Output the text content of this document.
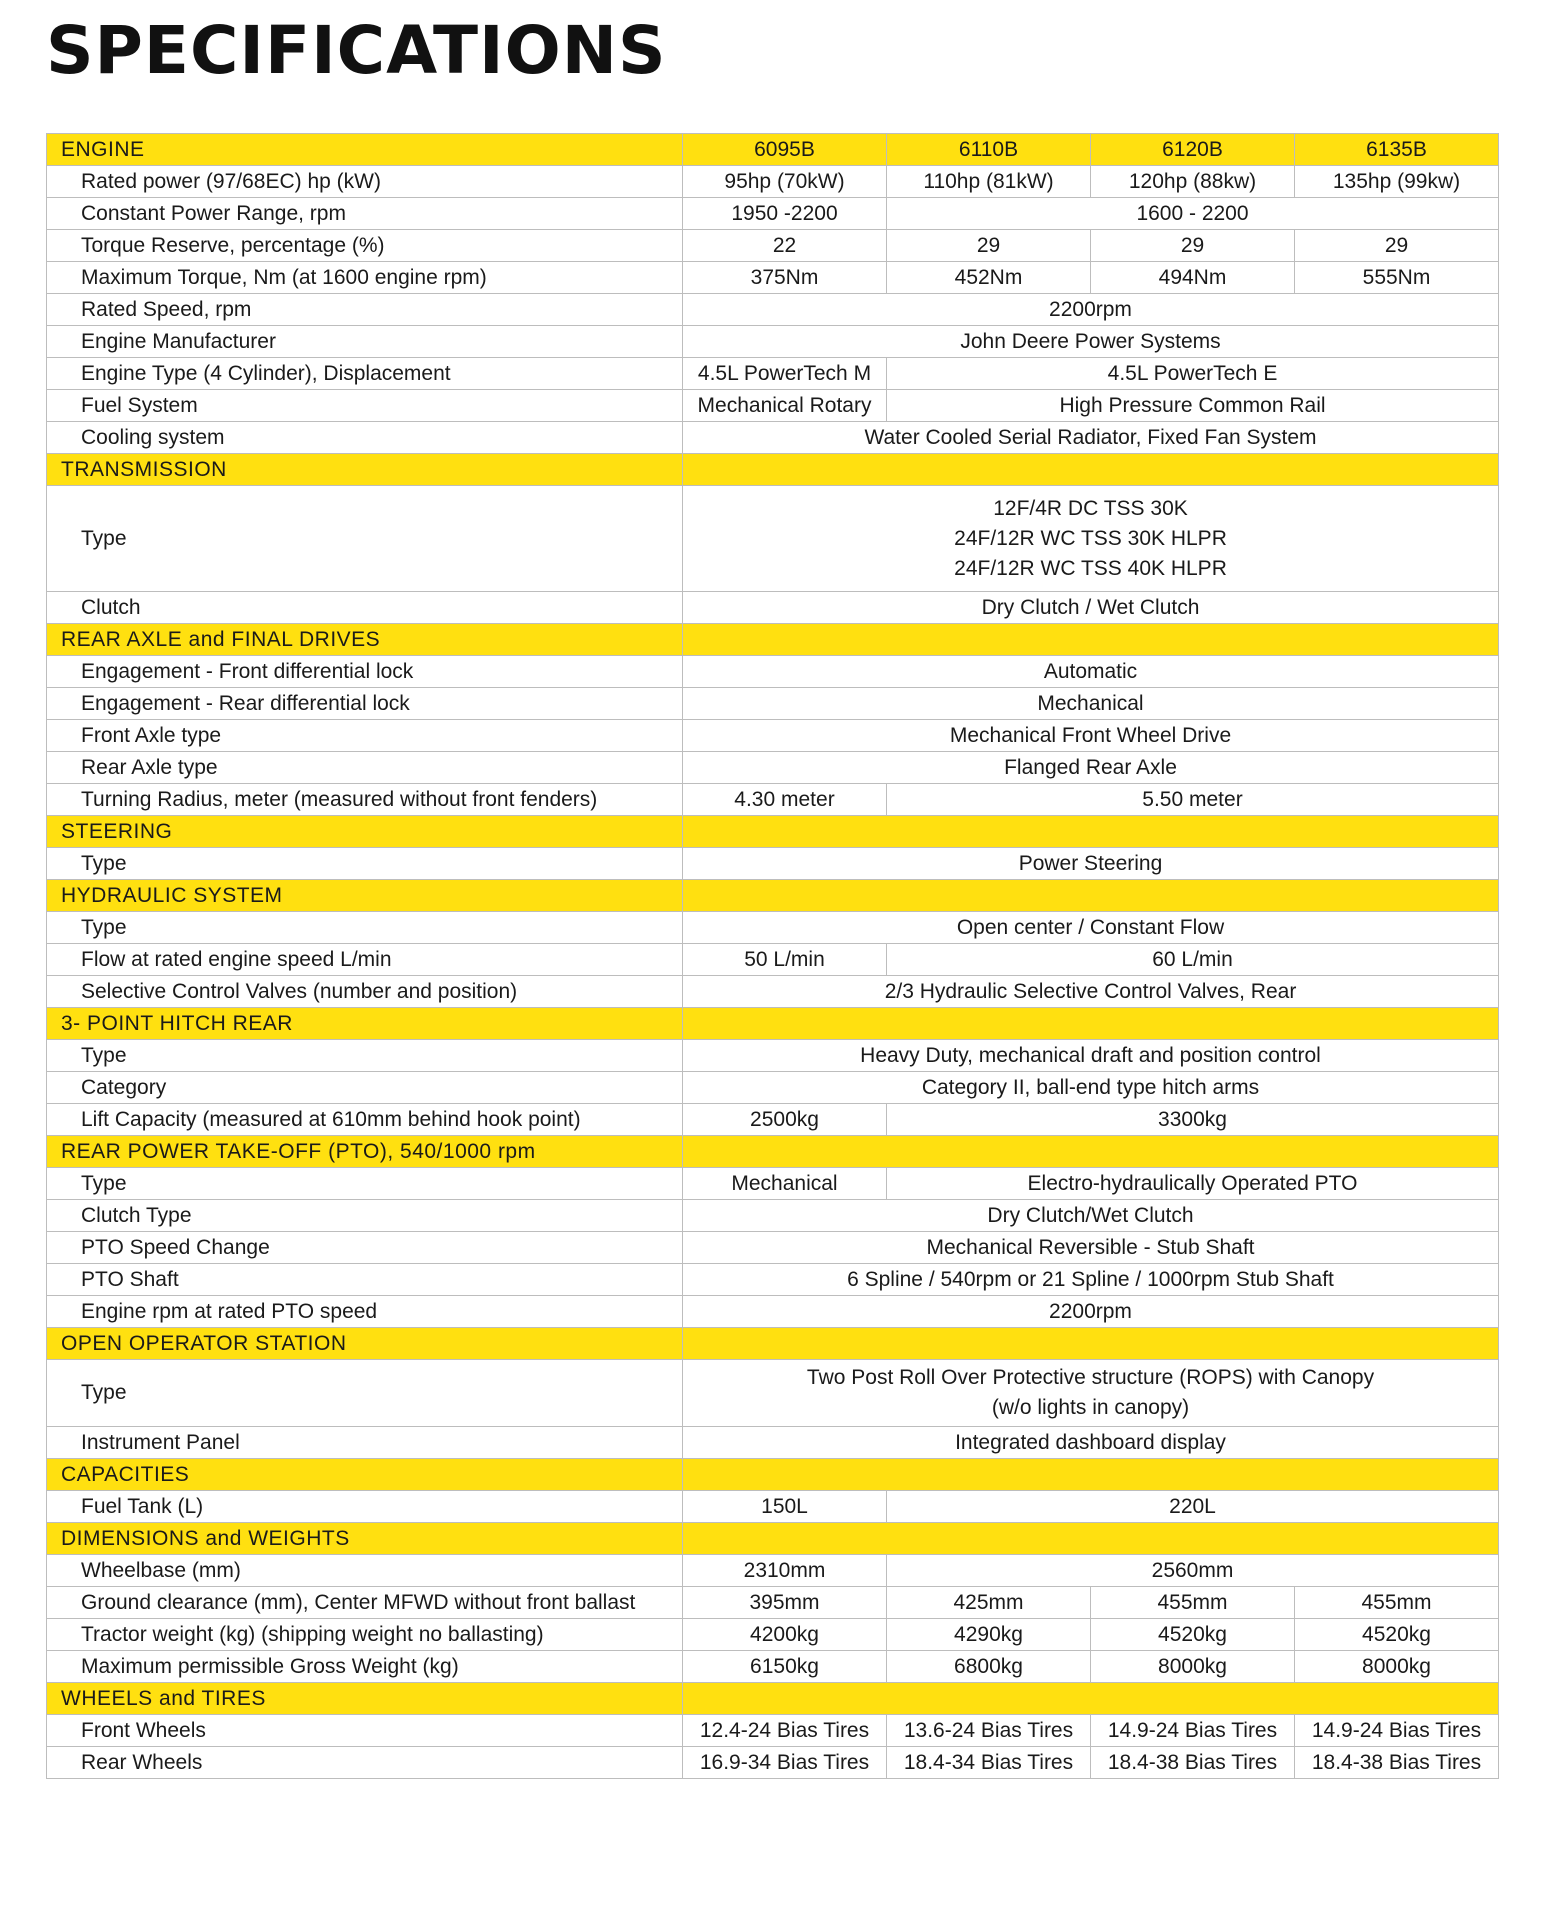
SPECIFICATIONS
ENGINE	6095B	6110B	6120B	6135B
Rated power (97/68EC) hp (kW)	95hp (70kW)	110hp (81kW)	120hp (88kw)	135hp (99kw)
Constant Power Range, rpm	1950 -2200	1600 - 2200		
Torque Reserve, percentage (%)	22	29	29	29
Maximum Torque, Nm (at 1600 engine rpm)	375Nm	452Nm	494Nm	555Nm
Rated Speed, rpm	2200rpm			
Engine Manufacturer	John Deere Power Systems			
Engine Type (4 Cylinder), Displacement	4.5L PowerTech M	4.5L PowerTech E		
Fuel System	Mechanical Rotary	High Pressure Common Rail		
Cooling system	Water Cooled Serial Radiator, Fixed Fan System			
TRANSMISSION				
Type	12F/4R DC TSS 30K
24F/12R WC TSS 30K HLPR
24F/12R WC TSS 40K HLPR			
Clutch	Dry Clutch / Wet Clutch			
REAR AXLE and FINAL DRIVES				
Engagement - Front differential lock	Automatic			
Engagement - Rear differential lock	Mechanical			
Front Axle type	Mechanical Front Wheel Drive			
Rear Axle type	Flanged Rear Axle			
Turning Radius, meter (measured without front fenders)	4.30 meter	5.50 meter		
STEERING				
Type	Power Steering			
HYDRAULIC SYSTEM				
Type	Open center / Constant Flow			
Flow at rated engine speed L/min	50 L/min	60 L/min		
Selective Control Valves (number and position)	2/3 Hydraulic Selective Control Valves, Rear			
3- POINT HITCH REAR				
Type	Heavy Duty, mechanical draft and position control			
Category	Category II, ball-end type hitch arms			
Lift Capacity (measured at 610mm behind hook point)	2500kg	3300kg		
REAR POWER TAKE-OFF (PTO), 540/1000 rpm				
Type	Mechanical	Electro-hydraulically Operated PTO		
Clutch Type	Dry Clutch/Wet Clutch			
PTO Speed Change	Mechanical Reversible - Stub Shaft			
PTO Shaft	6 Spline / 540rpm or 21 Spline / 1000rpm Stub Shaft			
Engine rpm at rated PTO speed	2200rpm			
OPEN OPERATOR STATION				
Type	Two Post Roll Over Protective structure (ROPS) with Canopy
(w/o lights in canopy)			
Instrument Panel	Integrated dashboard display			
CAPACITIES				
Fuel Tank (L)	150L	220L		
DIMENSIONS and WEIGHTS				
Wheelbase (mm)	2310mm	2560mm		
Ground clearance (mm), Center MFWD without front ballast	395mm	425mm	455mm	455mm
Tractor weight (kg) (shipping weight no ballasting)	4200kg	4290kg	4520kg	4520kg
Maximum permissible Gross Weight (kg)	6150kg	6800kg	8000kg	8000kg
WHEELS and TIRES				
Front Wheels	12.4-24 Bias Tires	13.6-24 Bias Tires	14.9-24 Bias Tires	14.9-24 Bias Tires
Rear Wheels	16.9-34 Bias Tires	18.4-34 Bias Tires	18.4-38 Bias Tires	18.4-38 Bias Tires
